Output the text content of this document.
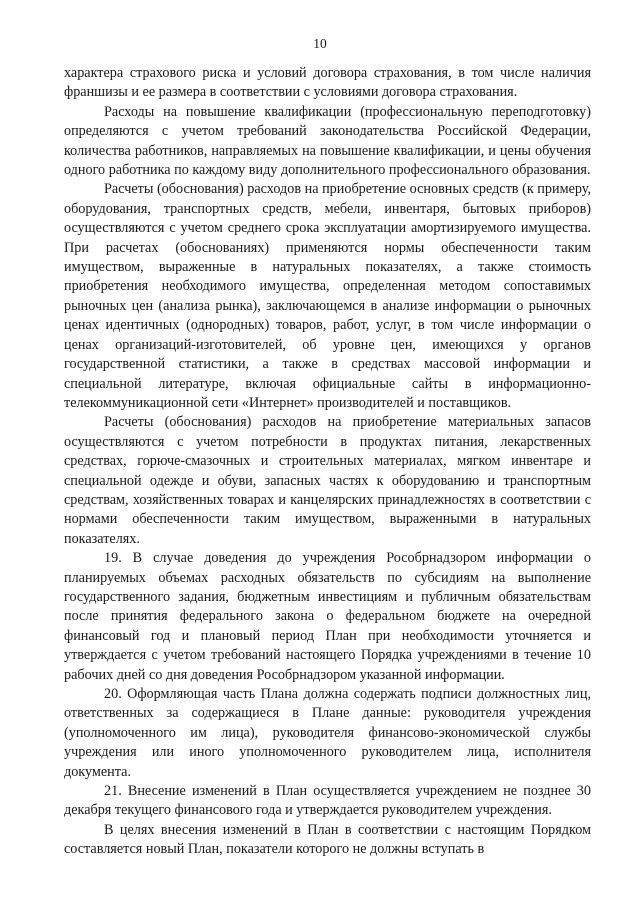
10

характера страхового риска и условий договора страхования, в том числе наличия франшизы и ее размера в соответствии с условиями договора страхования.

Расходы на повышение квалификации (профессиональную переподготовку) определяются с учетом требований законодательства Российской Федерации, количества работников, направляемых на повышение квалификации, и цены обучения одного работника по каждому виду дополнительного профессионального образования.

Расчеты (обоснования) расходов на приобретение основных средств (к примеру, оборудования, транспортных средств, мебели, инвентаря, бытовых приборов) осуществляются с учетом среднего срока эксплуатации амортизируемого имущества. При расчетах (обоснованиях) применяются нормы обеспеченности таким имуществом, выраженные в натуральных показателях, а также стоимость приобретения необходимого имущества, определенная методом сопоставимых рыночных цен (анализа рынка), заключающемся в анализе информации о рыночных ценах идентичных (однородных) товаров, работ, услуг, в том числе информации о ценах организаций-изготовителей, об уровне цен, имеющихся у органов государственной статистики, а также в средствах массовой информации и специальной литературе, включая официальные сайты в информационно-телекоммуникационной сети «Интернет» производителей и поставщиков.

Расчеты (обоснования) расходов на приобретение материальных запасов осуществляются с учетом потребности в продуктах питания, лекарственных средствах, горюче-смазочных и строительных материалах, мягком инвентаре и специальной одежде и обуви, запасных частях к оборудованию и транспортным средствам, хозяйственных товарах и канцелярских принадлежностях в соответствии с нормами обеспеченности таким имуществом, выраженными в натуральных показателях.

19. В случае доведения до учреждения Рособрнадзором информации о планируемых объемах расходных обязательств по субсидиям на выполнение государственного задания, бюджетным инвестициям и публичным обязательствам после принятия федерального закона о федеральном бюджете на очередной финансовый год и плановый период План при необходимости уточняется и утверждается с учетом требований настоящего Порядка учреждениями в течение 10 рабочих дней со дня доведения Рособрнадзором указанной информации.

20. Оформляющая часть Плана должна содержать подписи должностных лиц, ответственных за содержащиеся в Плане данные: руководителя учреждения (уполномоченного им лица), руководителя финансово-экономической службы учреждения или иного уполномоченного руководителем лица, исполнителя документа.

21. Внесение изменений в План осуществляется учреждением не позднее 30 декабря текущего финансового года и утверждается руководителем учреждения.

В целях внесения изменений в План в соответствии с настоящим Порядком составляется новый План, показатели которого не должны вступать в
